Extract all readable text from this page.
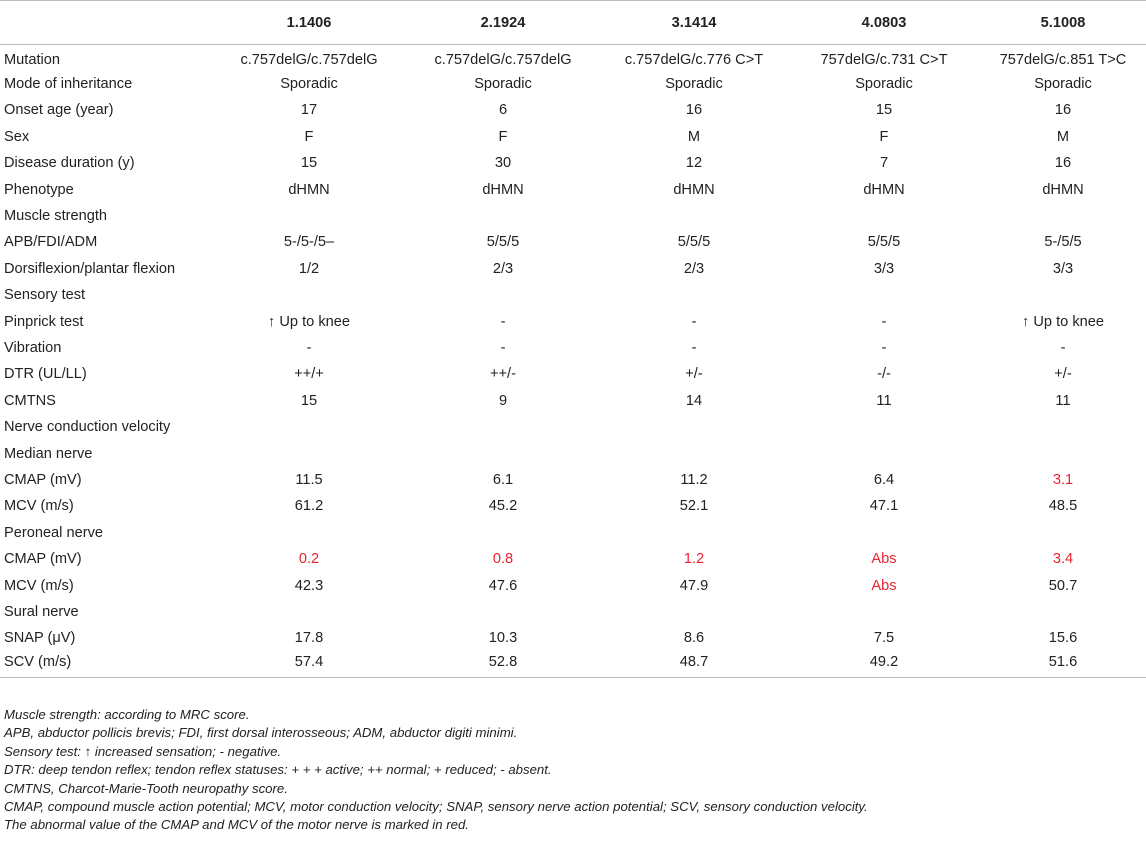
	1.1406	2.1924	3.1414	4.0803	5.1008
Mutation	c.757delG/c.757delG	c.757delG/c.757delG	c.757delG/c.776 C>T	757delG/c.731 C>T	757delG/c.851 T>C
Mode of inheritance	Sporadic	Sporadic	Sporadic	Sporadic	Sporadic
Onset age (year)	17	6	16	15	16
Sex	F	F	M	F	M
Disease duration (y)	15	30	12	7	16
Phenotype	dHMN	dHMN	dHMN	dHMN	dHMN
Muscle strength					
APB/FDI/ADM	5-/5-/5–	5/5/5	5/5/5	5/5/5	5-/5/5
Dorsiflexion/plantar flexion	1/2	2/3	2/3	3/3	3/3
Sensory test					
Pinprick test	↑ Up to knee	-	-	-	↑ Up to knee
Vibration	-	-	-	-	-
DTR (UL/LL)	++/+	++/-	+/-	-/-	+/-
CMTNS	15	9	14	11	11
Nerve conduction velocity					
Median nerve					
CMAP (mV)	11.5	6.1	11.2	6.4	3.1
MCV (m/s)	61.2	45.2	52.1	47.1	48.5
Peroneal nerve					
CMAP (mV)	0.2	0.8	1.2	Abs	3.4
MCV (m/s)	42.3	47.6	47.9	Abs	50.7
Sural nerve					
SNAP (μV)	17.8	10.3	8.6	7.5	15.6
SCV (m/s)	57.4	52.8	48.7	49.2	51.6
Muscle strength: according to MRC score.
APB, abductor pollicis brevis; FDI, first dorsal interosseous; ADM, abductor digiti minimi.
Sensory test: ↑ increased sensation; - negative.
DTR: deep tendon reflex; tendon reflex statuses: + + + active; ++ normal; + reduced; - absent.
CMTNS, Charcot-Marie-Tooth neuropathy score.
CMAP, compound muscle action potential; MCV, motor conduction velocity; SNAP, sensory nerve action potential; SCV, sensory conduction velocity.
The abnormal value of the CMAP and MCV of the motor nerve is marked in red.
